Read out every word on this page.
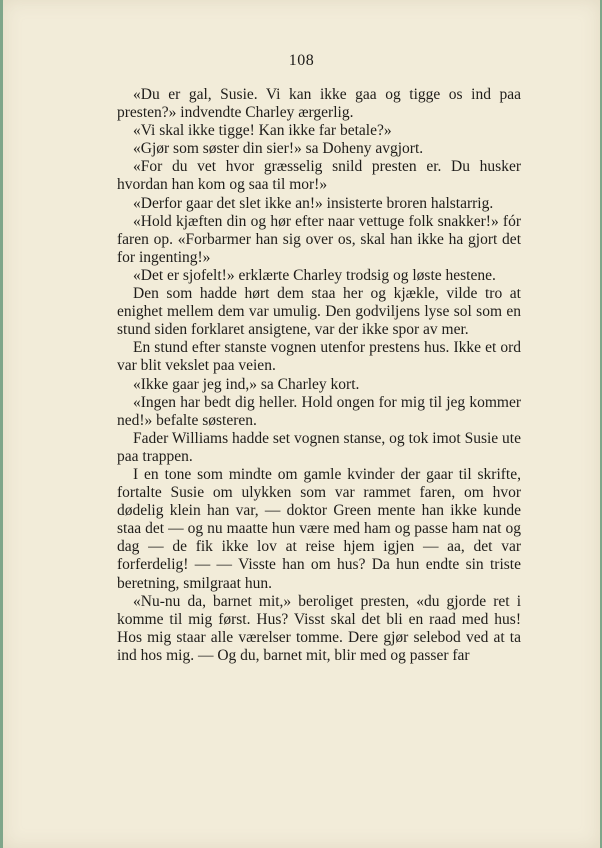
108

«Du er gal, Susie. Vi kan ikke gaa og tigge os ind paa presten?» indvendte Charley ærgerlig.

«Vi skal ikke tigge! Kan ikke far betale?»

«Gjør som søster din sier!» sa Doheny avgjort.

«For du vet hvor græsselig snild presten er. Du husker hvordan han kom og saa til mor!»

«Derfor gaar det slet ikke an!» insisterte broren halstarrig.

«Hold kjæften din og hør efter naar vettuge folk snakker!» fór faren op. «Forbarmer han sig over os, skal han ikke ha gjort det for ingenting!»

«Det er sjofelt!» erklærte Charley trodsig og løste hestene.

Den som hadde hørt dem staa her og kjækle, vilde tro at enighet mellem dem var umulig. Den godviljens lyse sol som en stund siden forklaret ansigtene, var der ikke spor av mer.

En stund efter stanste vognen utenfor prestens hus. Ikke et ord var blit vekslet paa veien.

«Ikke gaar jeg ind,» sa Charley kort.

«Ingen har bedt dig heller. Hold ongen for mig til jeg kommer ned!» befalte søsteren.

Fader Williams hadde set vognen stanse, og tok imot Susie ute paa trappen.

I en tone som mindte om gamle kvinder der gaar til skrifte, fortalte Susie om ulykken som var rammet faren, om hvor dødelig klein han var, — doktor Green mente han ikke kunde staa det — og nu maatte hun være med ham og passe ham nat og dag — de fik ikke lov at reise hjem igjen — aa, det var forferdelig! — — Visste han om hus? Da hun endte sin triste beretning, smilgraat hun.

«Nu-nu da, barnet mit,» beroliget presten, «du gjorde ret i komme til mig først. Hus? Visst skal det bli en raad med hus! Hos mig staar alle værelser tomme. Dere gjør selebod ved at ta ind hos mig. — Og du, barnet mit, blir med og passer far
